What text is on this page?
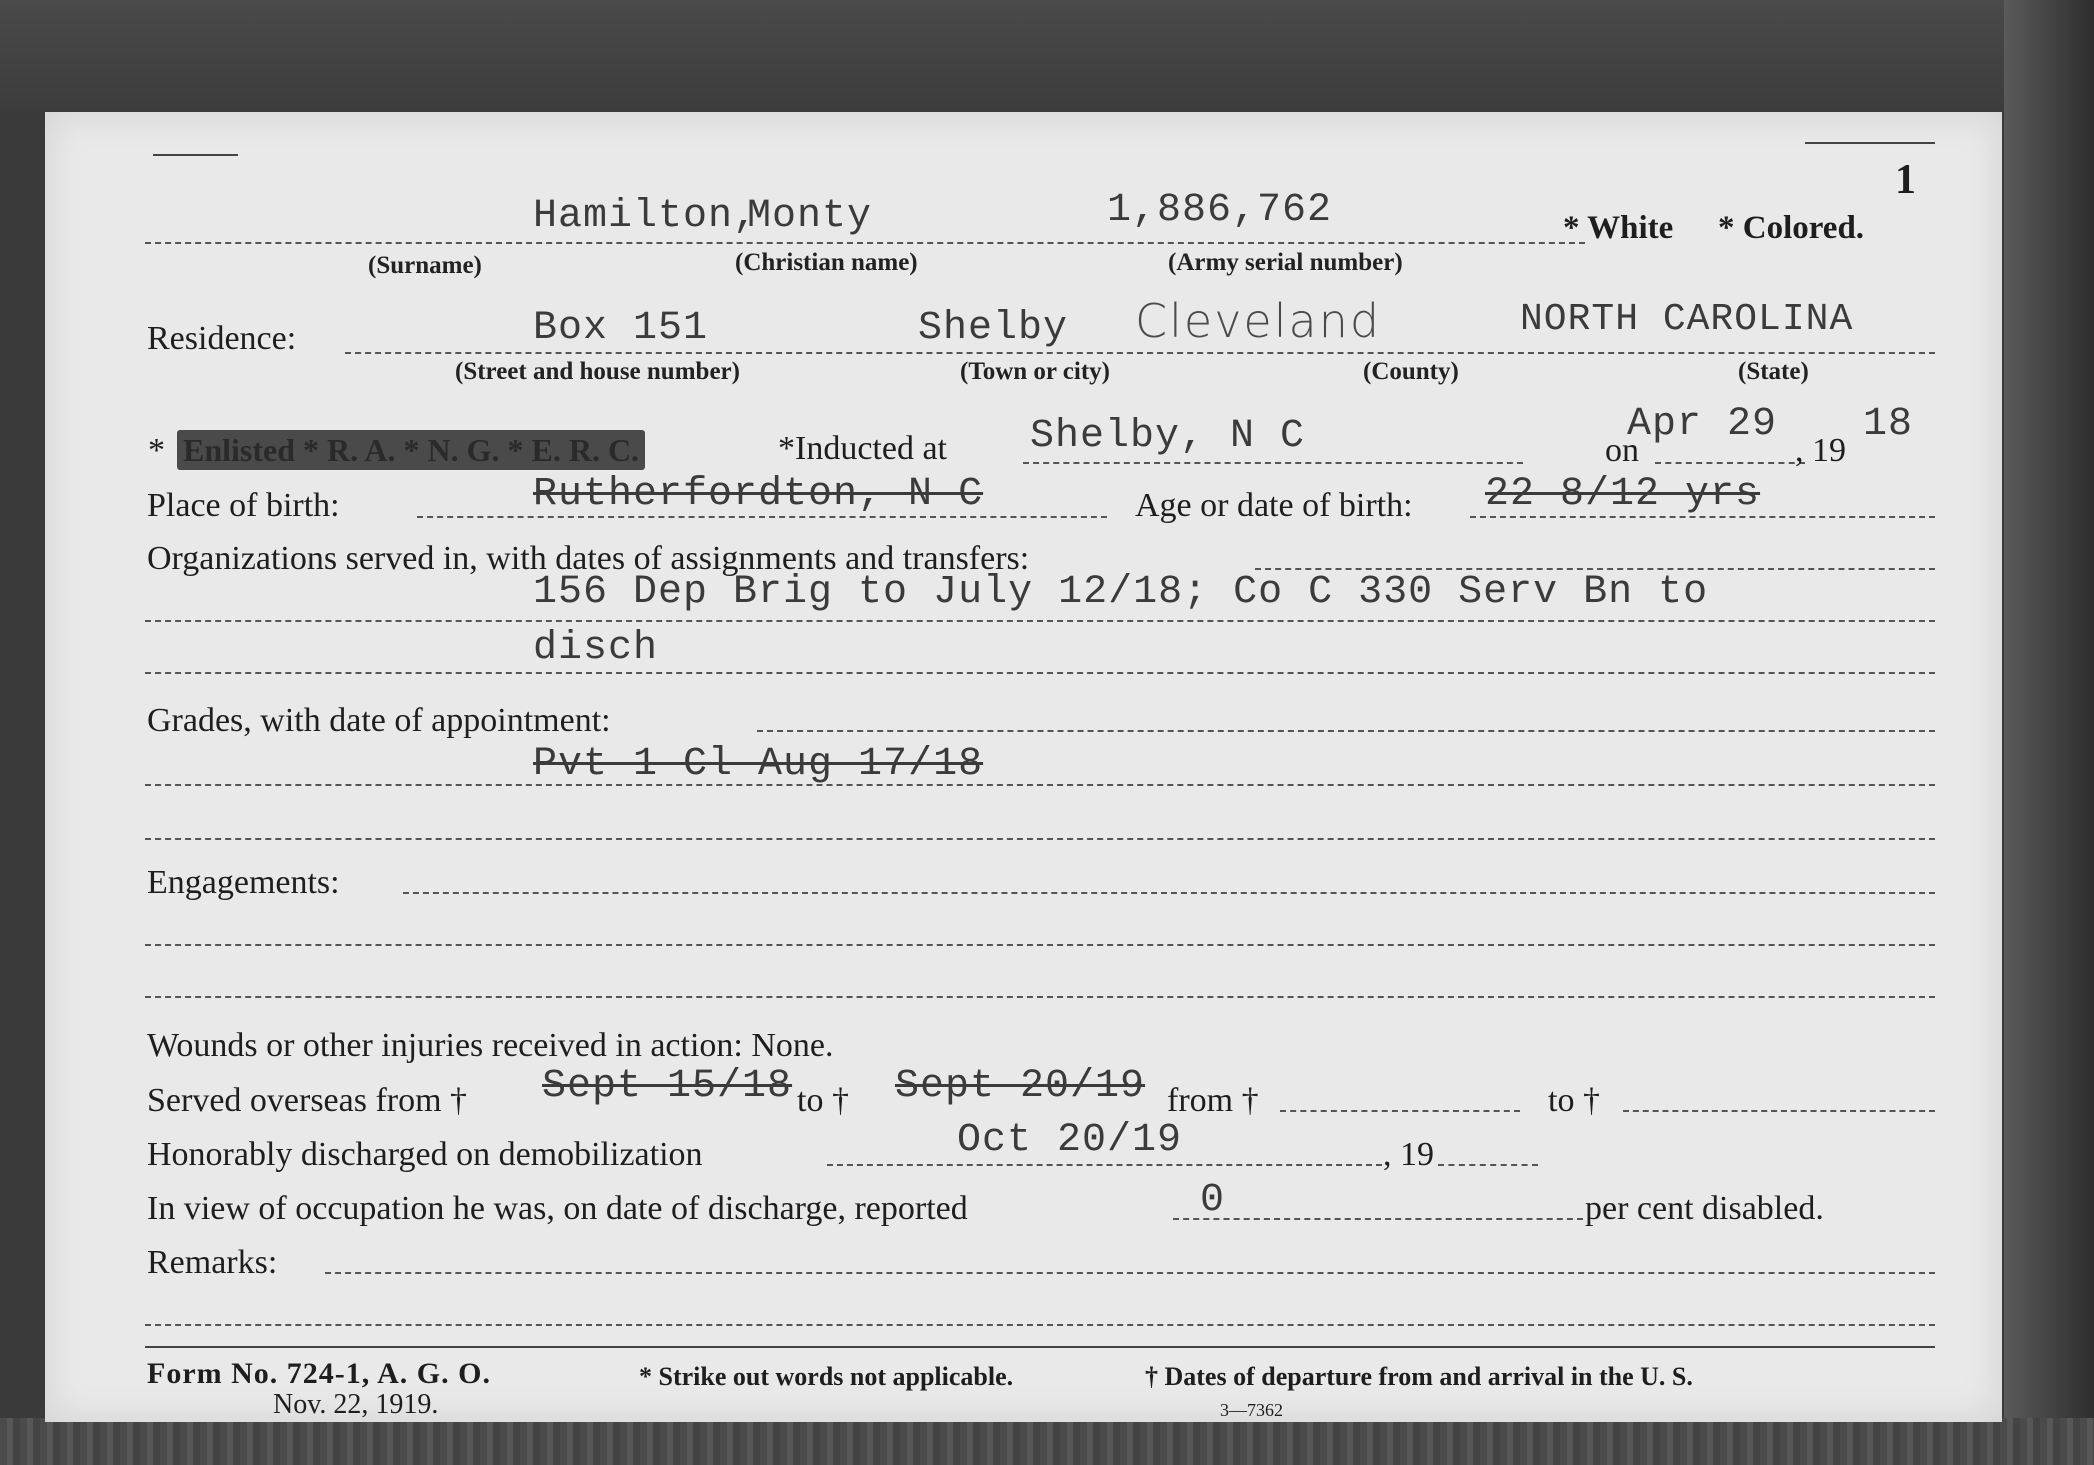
1
Hamilton,
Monty	1,886,762	* White * Colored.
(Surname)	(Christian name)	(Army serial number)
Residence:	Box 151	Shelby Cleveland	NORTH CAROLINA
(Street and house number)	(Town or city)	(County)	(State)
* Enlisted * R. A. * N. G. * E. R. C.	*Inducted at Shelby, N C	on
Apr 29
, 19
18
Place of birth:	Rutherfordton, N C	Age or date of birth: 22 8/12 yrs
Organizations served in, with dates of assignments and transfers:
156 Dep Brig to July 12/18; Co C 330 Serv Bn to
disch
Grades, with date of appointment:
Pvt 1 Cl Aug 17/18
Engagements:
Wounds or other injuries received in action: None.
Served overseas from † Sept 15/18 to † Sept 20/19 from †	to †
Honorably discharged on demobilization	Oct 20/19	, 19
In view of occupation he was, on date of discharge, reported	0	per cent disabled.
Remarks:
Form No. 724-1, A. G. O.
Nov. 22, 1919.
* Strike out words not applicable.	† Dates of departure from and arrival in the U. S.
3—7362
